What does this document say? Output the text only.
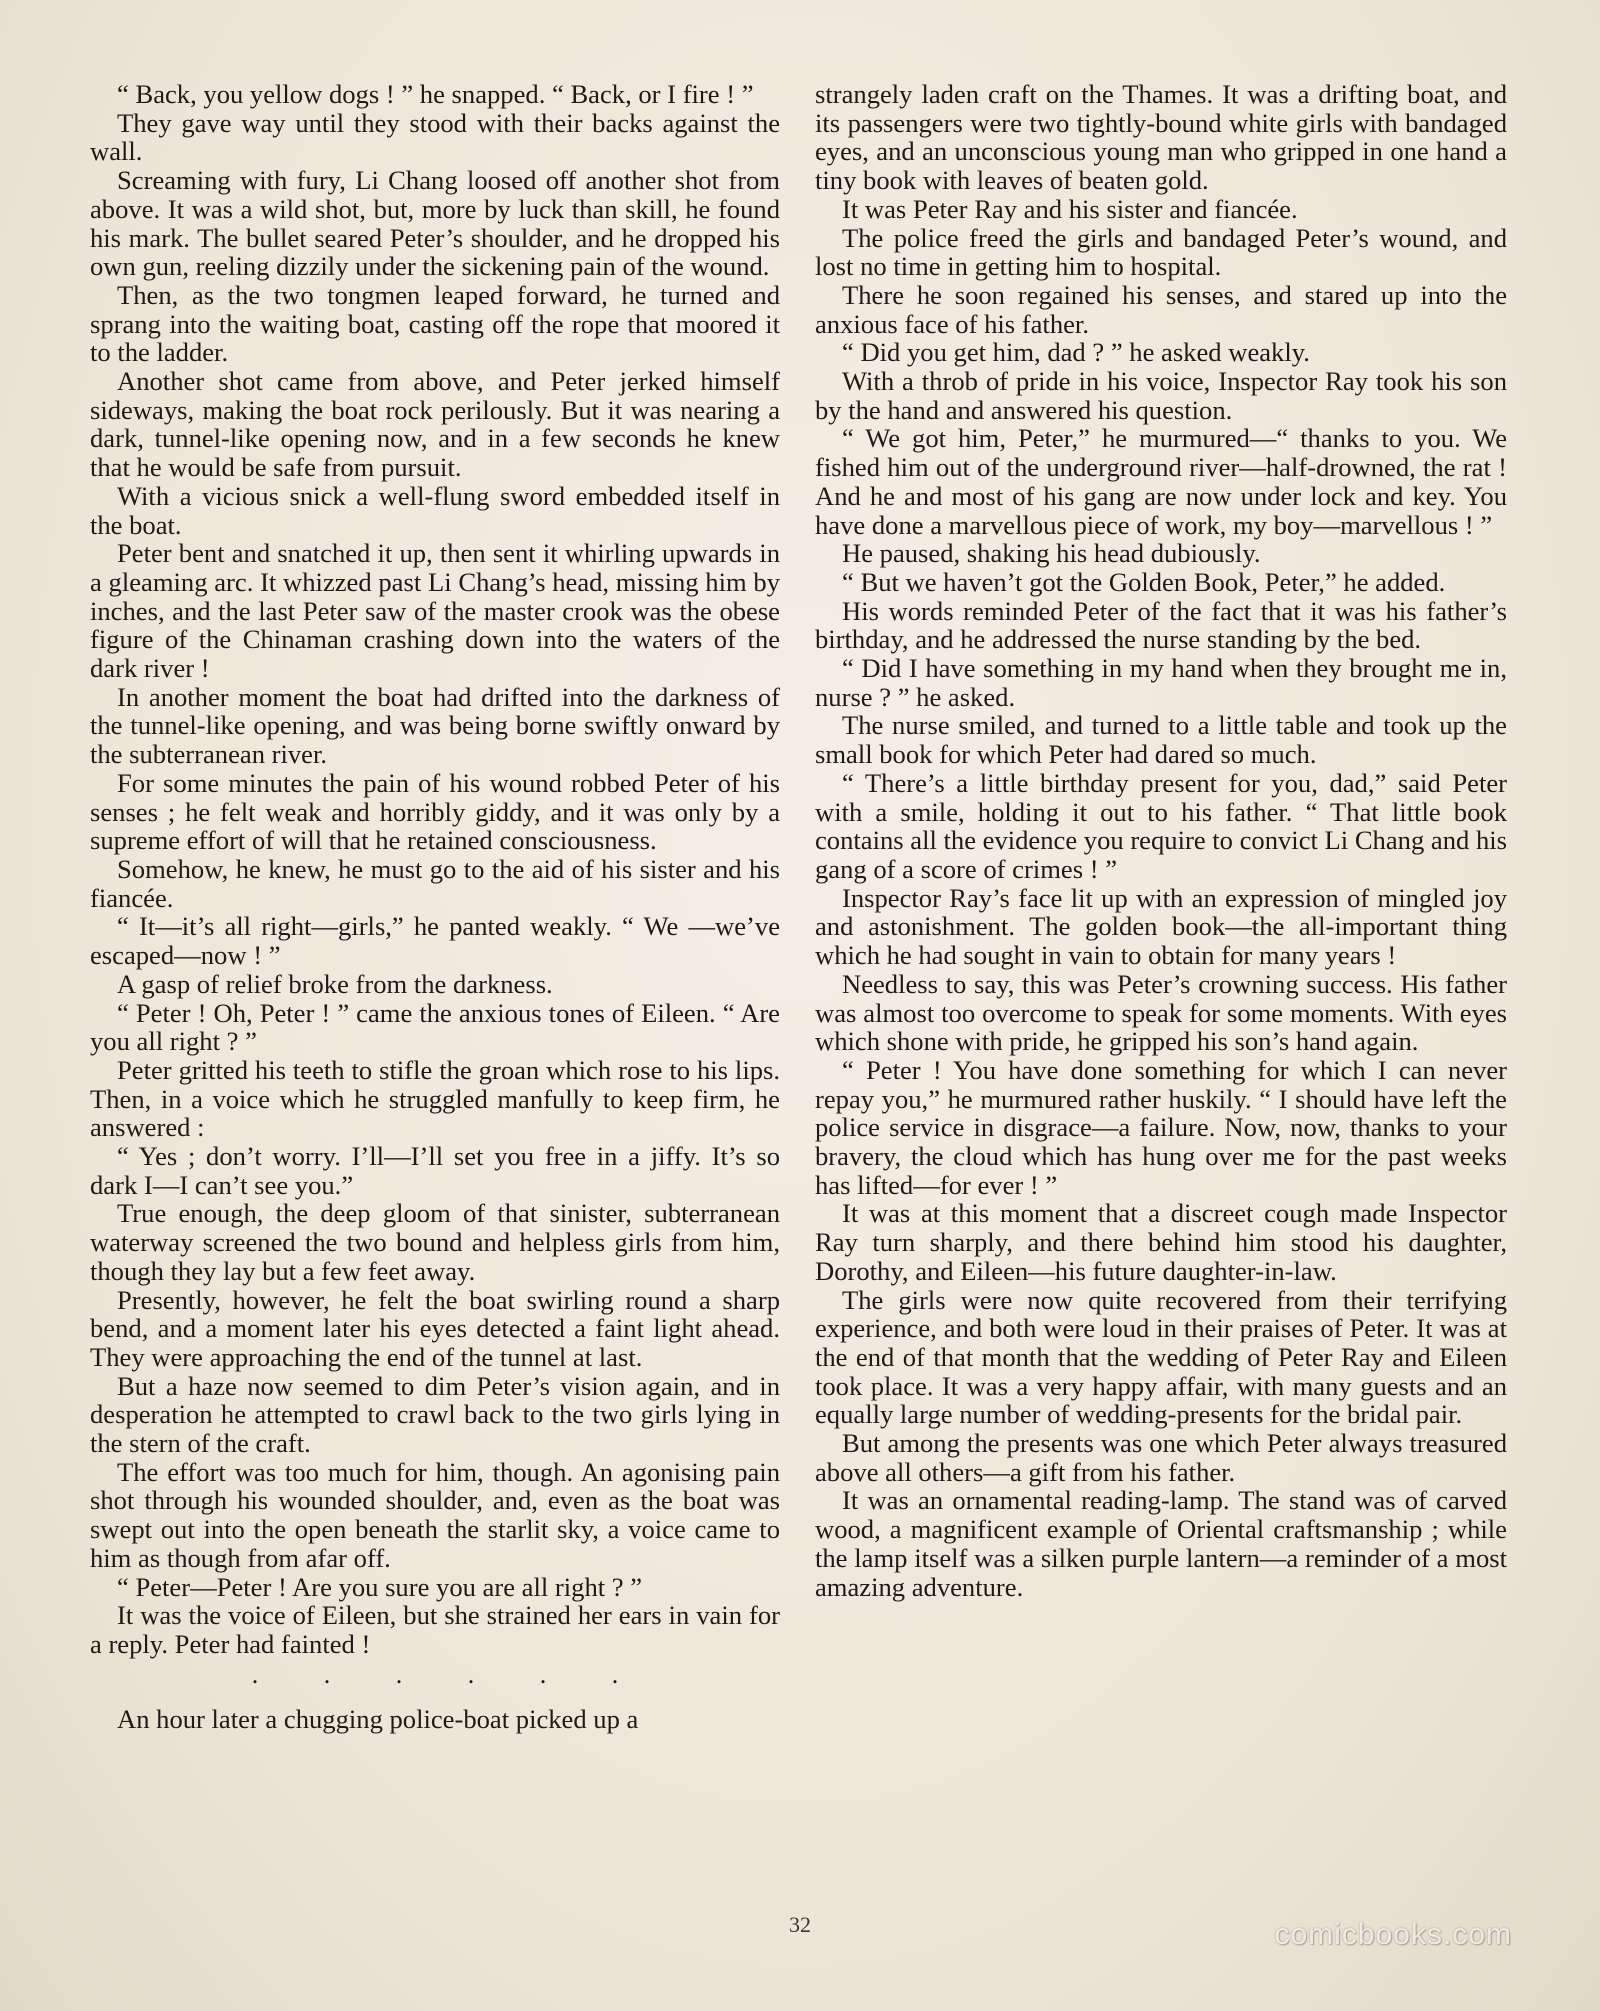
“ Back, you yellow dogs ! ” he snapped. “ Back, or I fire ! ”

They gave way until they stood with their backs against the wall.

Screaming with fury, Li Chang loosed off another shot from above. It was a wild shot, but, more by luck than skill, he found his mark. The bullet seared Peter’s shoulder, and he dropped his own gun, reeling dizzily under the sickening pain of the wound.

Then, as the two tongmen leaped forward, he turned and sprang into the waiting boat, casting off the rope that moored it to the ladder.

Another shot came from above, and Peter jerked himself sideways, making the boat rock perilously. But it was nearing a dark, tunnel-like opening now, and in a few seconds he knew that he would be safe from pursuit.

With a vicious snick a well-flung sword embedded itself in the boat.

Peter bent and snatched it up, then sent it whirling upwards in a gleaming arc. It whizzed past Li Chang’s head, missing him by inches, and the last Peter saw of the master crook was the obese figure of the Chinaman crashing down into the waters of the dark river !

In another moment the boat had drifted into the darkness of the tunnel-like opening, and was being borne swiftly onward by the subterranean river.

For some minutes the pain of his wound robbed Peter of his senses ; he felt weak and horribly giddy, and it was only by a supreme effort of will that he retained consciousness.

Somehow, he knew, he must go to the aid of his sister and his fiancée.

“ It—it’s all right—girls,” he panted weakly. “ We —we’ve escaped—now ! ”

A gasp of relief broke from the darkness.

“ Peter ! Oh, Peter ! ” came the anxious tones of Eileen. “ Are you all right ? ”

Peter gritted his teeth to stifle the groan which rose to his lips. Then, in a voice which he struggled manfully to keep firm, he answered :

“ Yes ; don’t worry. I’ll—I’ll set you free in a jiffy. It’s so dark I—I can’t see you.”

True enough, the deep gloom of that sinister, subterranean waterway screened the two bound and helpless girls from him, though they lay but a few feet away.

Presently, however, he felt the boat swirling round a sharp bend, and a moment later his eyes detected a faint light ahead. They were approaching the end of the tunnel at last.

But a haze now seemed to dim Peter’s vision again, and in desperation he attempted to crawl back to the two girls lying in the stern of the craft.

The effort was too much for him, though. An agonising pain shot through his wounded shoulder, and, even as the boat was swept out into the open beneath the starlit sky, a voice came to him as though from afar off.

“ Peter—Peter ! Are you sure you are all right ? ”

It was the voice of Eileen, but she strained her ears in vain for a reply. Peter had fainted !

.	.	.	.	.	.

An hour later a chugging police-boat picked up a

strangely laden craft on the Thames. It was a drifting boat, and its passengers were two tightly-bound white girls with bandaged eyes, and an unconscious young man who gripped in one hand a tiny book with leaves of beaten gold.

It was Peter Ray and his sister and fiancée.

The police freed the girls and bandaged Peter’s wound, and lost no time in getting him to hospital.

There he soon regained his senses, and stared up into the anxious face of his father.

“ Did you get him, dad ? ” he asked weakly.

With a throb of pride in his voice, Inspector Ray took his son by the hand and answered his question.

“ We got him, Peter,” he murmured—“ thanks to you. We fished him out of the underground river—half-drowned, the rat ! And he and most of his gang are now under lock and key. You have done a marvellous piece of work, my boy—marvellous ! ”

He paused, shaking his head dubiously.

“ But we haven’t got the Golden Book, Peter,” he added.

His words reminded Peter of the fact that it was his father’s birthday, and he addressed the nurse standing by the bed.

“ Did I have something in my hand when they brought me in, nurse ? ” he asked.

The nurse smiled, and turned to a little table and took up the small book for which Peter had dared so much.

“ There’s a little birthday present for you, dad,” said Peter with a smile, holding it out to his father. “ That little book contains all the evidence you require to convict Li Chang and his gang of a score of crimes ! ”

Inspector Ray’s face lit up with an expression of mingled joy and astonishment. The golden book—the all-important thing which he had sought in vain to obtain for many years !

Needless to say, this was Peter’s crowning success. His father was almost too overcome to speak for some moments. With eyes which shone with pride, he gripped his son’s hand again.

“ Peter ! You have done something for which I can never repay you,” he murmured rather huskily. “ I should have left the police service in disgrace—a failure. Now, now, thanks to your bravery, the cloud which has hung over me for the past weeks has lifted—for ever ! ”

It was at this moment that a discreet cough made Inspector Ray turn sharply, and there behind him stood his daughter, Dorothy, and Eileen—his future daughter-in-law.

The girls were now quite recovered from their terrifying experience, and both were loud in their praises of Peter. It was at the end of that month that the wedding of Peter Ray and Eileen took place. It was a very happy affair, with many guests and an equally large number of wedding-presents for the bridal pair.

But among the presents was one which Peter always treasured above all others—a gift from his father.

It was an ornamental reading-lamp. The stand was of carved wood, a magnificent example of Oriental craftsmanship ; while the lamp itself was a silken purple lantern—a reminder of a most amazing adventure.

32	comicbooks.com
